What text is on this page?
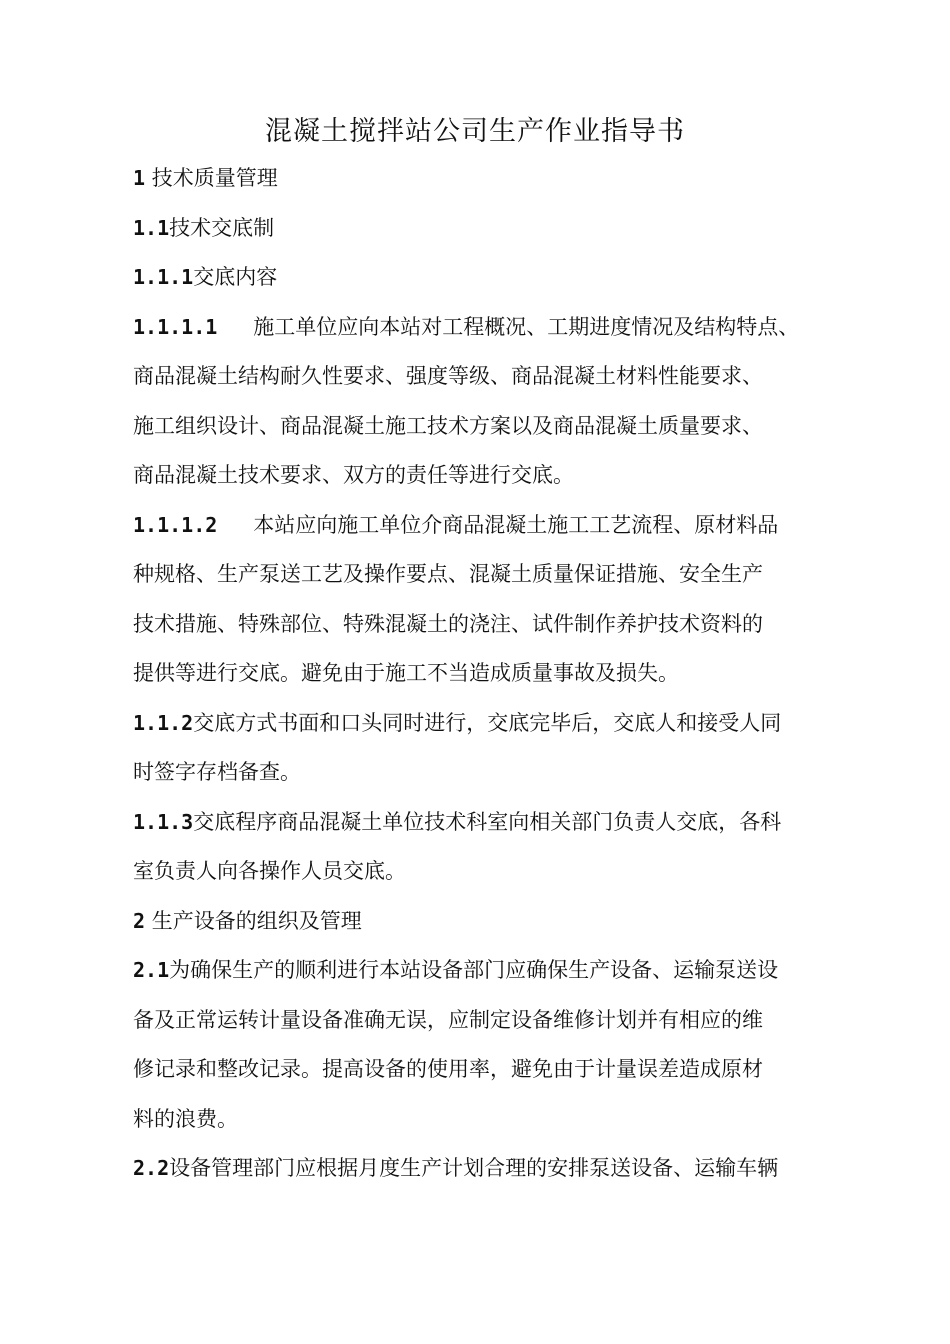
混凝土搅拌站公司生产作业指导书

1 技术质量管理

1.1技术交底制

1.1.1交底内容

1.1.1.1 施工单位应向本站对工程概况、工期进度情况及结构特点、

商品混凝土结构耐久性要求、强度等级、商品混凝土材料性能要求、

施工组织设计、商品混凝土施工技术方案以及商品混凝土质量要求、

商品混凝土技术要求、双方的责任等进行交底。

1.1.1.2 本站应向施工单位介商品混凝土施工工艺流程、原材料品

种规格、生产泵送工艺及操作要点、混凝土质量保证措施、安全生产

技术措施、特殊部位、特殊混凝土的浇注、试件制作养护技术资料的

提供等进行交底。避免由于施工不当造成质量事故及损失。

1.1.2交底方式书面和口头同时进行，交底完毕后，交底人和接受人同

时签字存档备查。

1.1.3交底程序商品混凝土单位技术科室向相关部门负责人交底，各科

室负责人向各操作人员交底。

2 生产设备的组织及管理

2.1为确保生产的顺利进行本站设备部门应确保生产设备、运输泵送设

备及正常运转计量设备准确无误，应制定设备维修计划并有相应的维

修记录和整改记录。提高设备的使用率，避免由于计量误差造成原材

料的浪费。

2.2设备管理部门应根据月度生产计划合理的安排泵送设备、运输车辆
